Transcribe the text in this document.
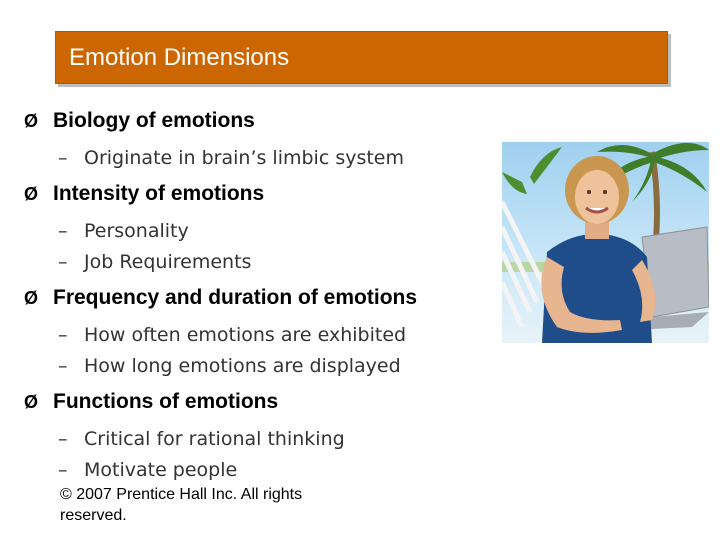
Emotion Dimensions
Ø Biology of emotions
– Originate in brain’s limbic system
Ø Intensity of emotions
– Personality
– Job Requirements
Ø Frequency and duration of emotions
– How often emotions are exhibited
– How long emotions are displayed
Ø Functions of emotions
– Critical for rational thinking
– Motivate people
© 2007 Prentice Hall Inc. All rights reserved.
